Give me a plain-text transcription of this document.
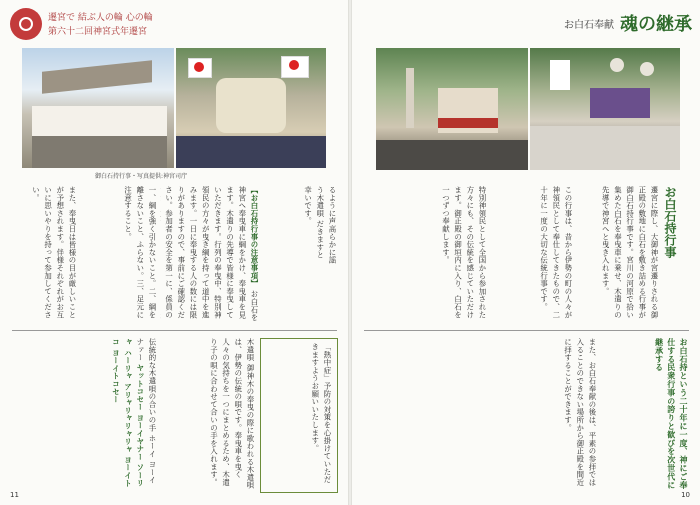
遷宮で 結ぶ人の輪 心の輪
第六十二回神宮式年遷宮
御白石持行事・写真提供:神宮司庁
るように声高らかに謡う木遣唄 だきますと幸いです。
【お白石持行事の注意事項】 お白石を神宮へ奉曳車に綱をかけ、奉曳車を見ます。木遣りの先導で皆様に奉曳していただきます。行列の奉曳中、特別神領民の方々が曳き綱を持って道中を進みます。一日に奉曳する人の数には限りがありますので、事前にご確認ください。参加者の安全を第一に、係員の
一、綱を強く引かないこと。二、綱を離さないこと、ふらない。三、足元に注意すること。
また、奉曳日は皆様の目が厳しいことが予想されます。伴様それぞれがお互いに思いやりを持って参加してください。
「熱中症」予防の対策を心掛けていただきますようお願いいたします。
木遣唄 御神木の奉曳の際に歌われる木遣唄は、伊勢の伝統の唄です。奉曳車を曳く人々の気持ちを一つにまとめるため、木遣り子の唄に合わせて合いの手を入れます。
伝統的な木遣唄の合いの手 ホーイ ヨーイ ナァー ヤットコセー ヨーイヤナー ソーリャ ハーリャ アリャリャリャリャ ヨーイトコ ヨーイトコセー
11
お白石奉献 魂の継承
お白石持行事
遷宮に際し、大御神が宮遷りされる御正殿の敷地に白石を敷き詰める行事が御白石持行事です。宮川の河原で拾い集めた白石を奉曳車に乗せ、木遣りの先導で神宮へと曳き入れます。
この行事は、昔から伊勢の町の人々が神領民として奉仕してきたもので、二十年に一度の大切な伝統行事です。
特別神領民として全国から参加された方々にも、その伝統を感じていただけます。御正殿の御垣内に入り、白石を一つずつ奉献します。
お白石持という二十年に一度、神にご奉仕する民衆行事の誇りと歓びを次世代に継承する
また、お白石奉献の後は、平素の参拝では入ることのできない場所から御正殿を間近に拝することができます。
10
